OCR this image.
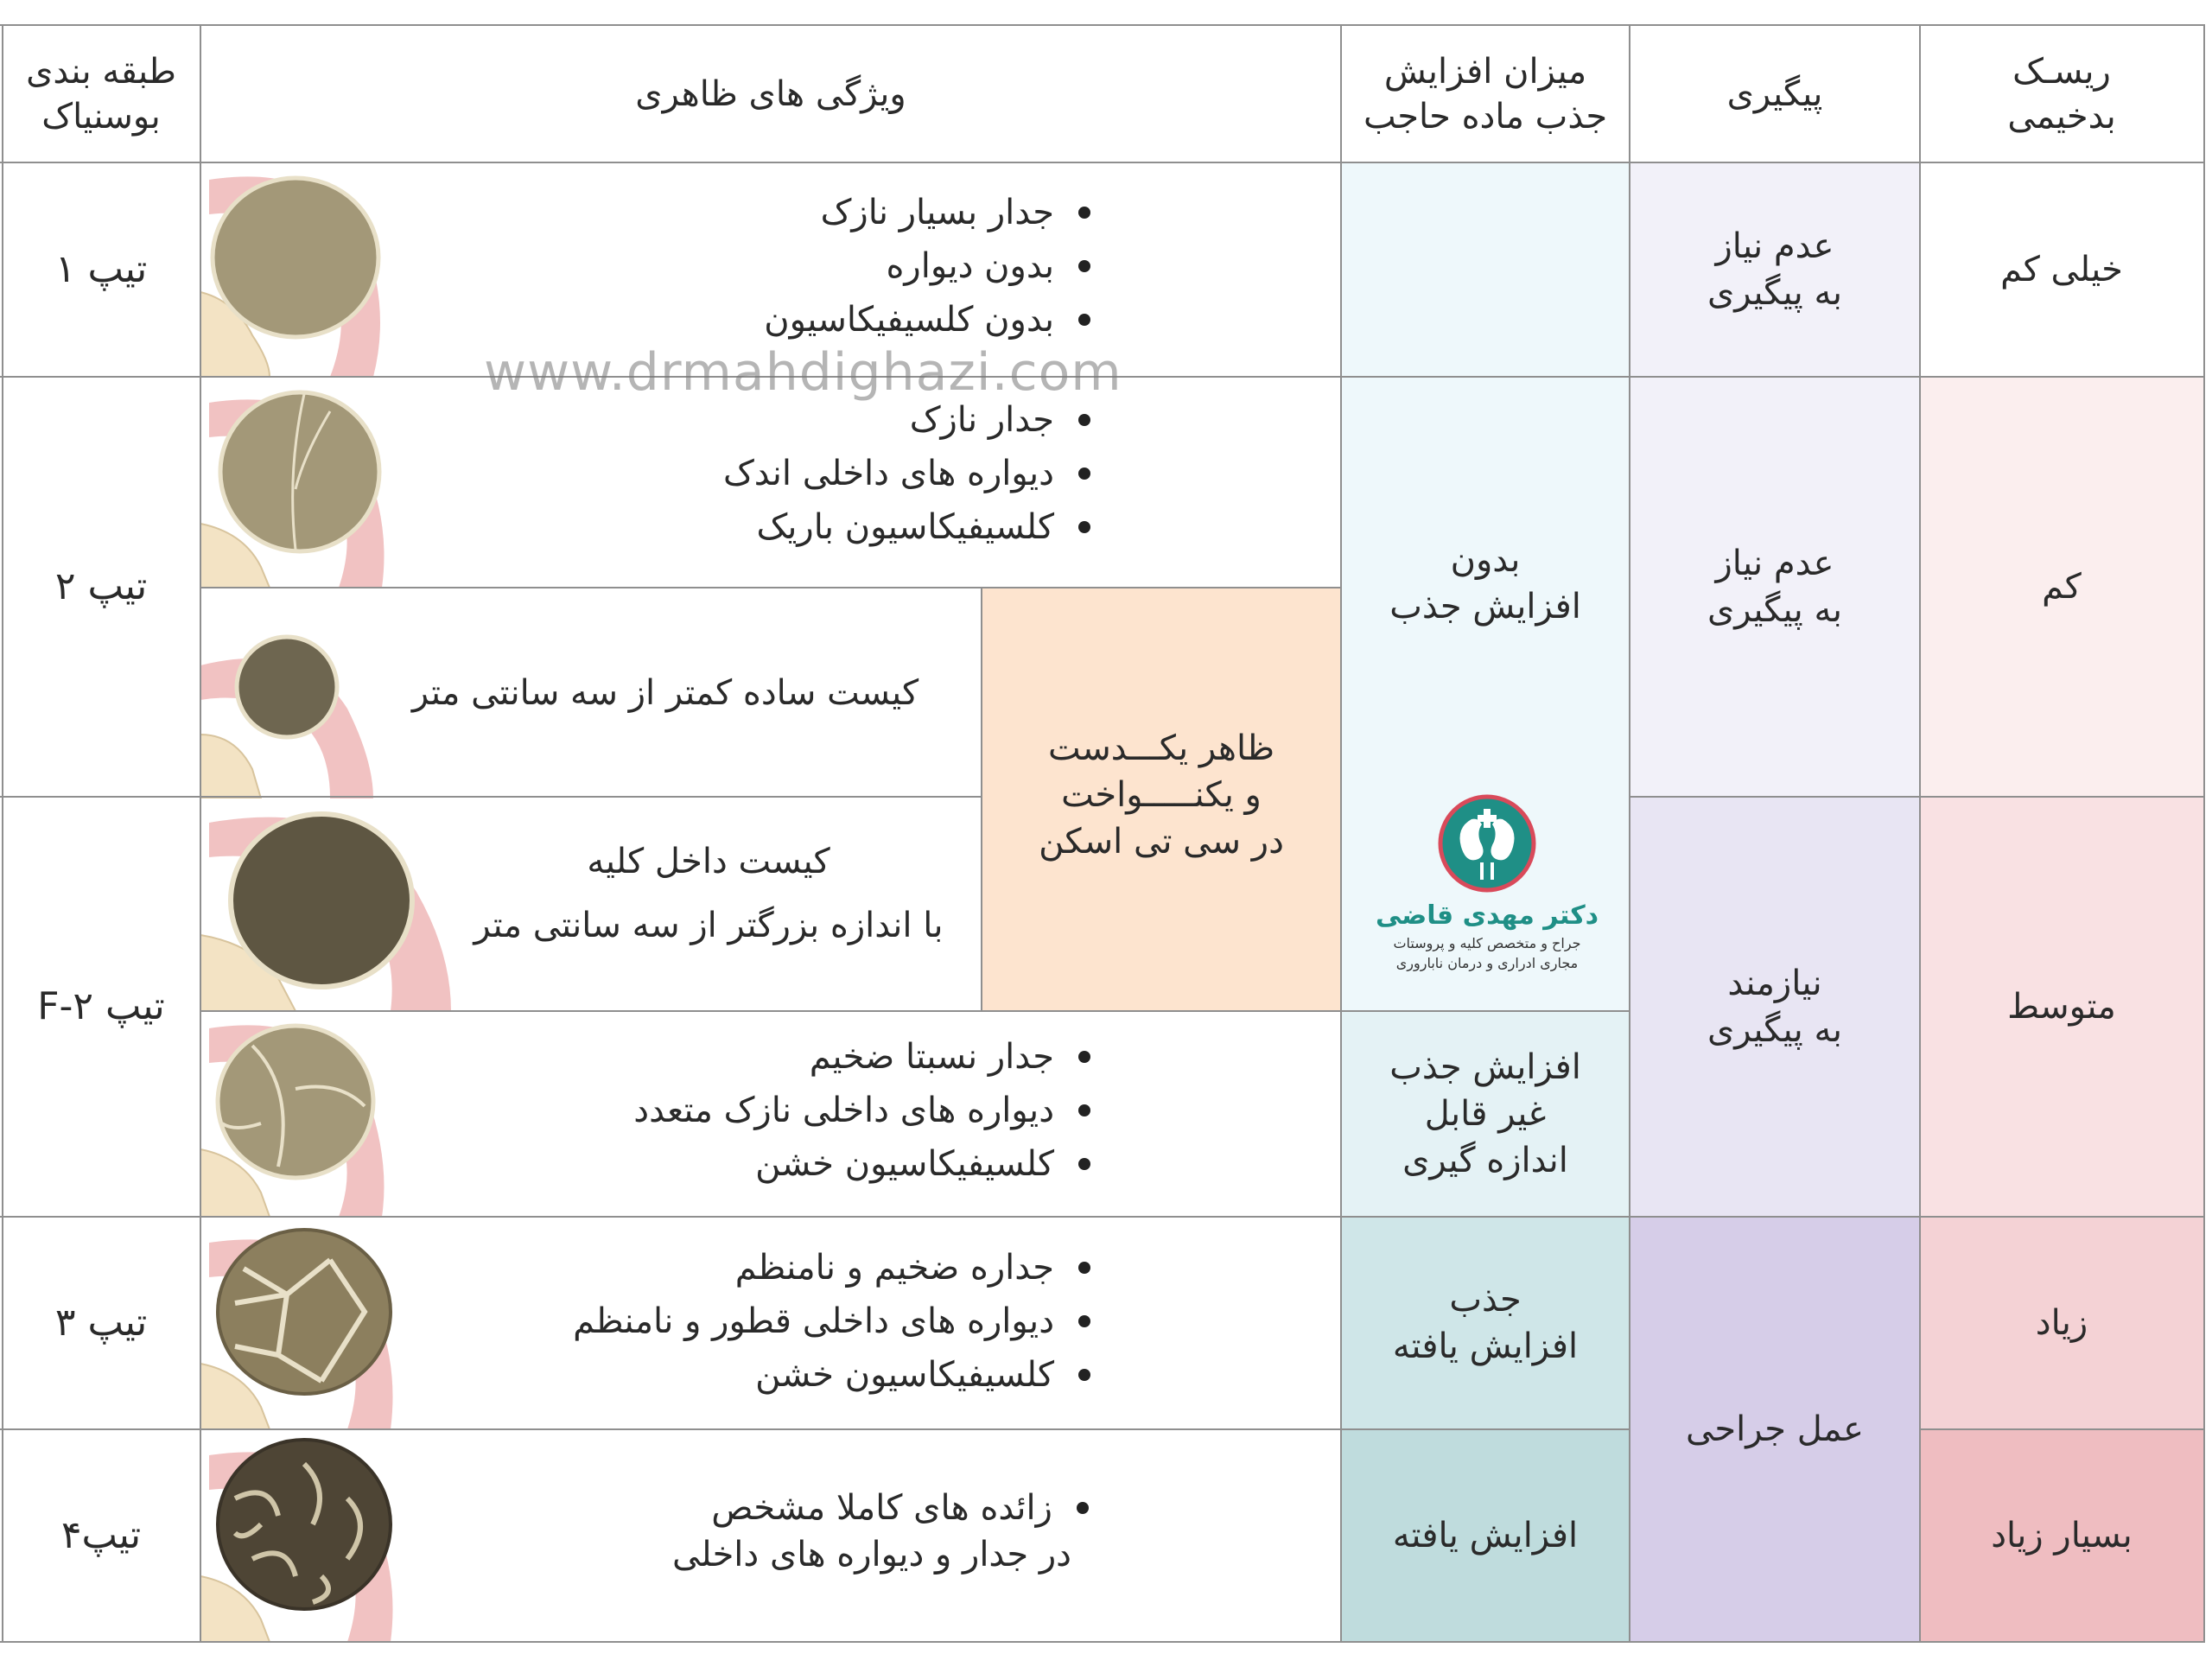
ریسـک
بدخیمی
پیگیری
میزان افزایش
جذب ماده حاجب
ویژگی های ظاهری
طبقه بندی
بوسنیاک
خیلی کم
کم
متوسط
زیاد
بسیار زیاد
عدم نیاز
به پیگیری
عدم نیاز
به پیگیری
نیازمند
به پیگیری
عمل جراحی
بدون
افزایش جذب
افزایش جذب
غیر قابل
اندازه گیری
جذب
افزایش یافته
افزایش یافته
تیپ ۱
تیپ ۲
تیپ ۲-F
تیپ ۳
تیپ۴
جدار بسیار نازک
بدون دیواره
بدون کلسیفیکاسیون
جدار نازک
دیواره های داخلی اندک
کلسیفیکاسیون باریک
کیست ساده کمتر از سه سانتی متر
کیست داخل کلیه
با اندازه بزرگتر از سه سانتی متر
ظاهر یکـــدست
و یکنـــــواخت
در سی تی اسکن
جدار نسبتا ضخیم
دیواره های داخلی نازک متعدد
کلسیفیکاسیون خشن
جداره ضخیم و نامنظم
دیواره های داخلی قطور و نامنظم
کلسیفیکاسیون خشن
زائده های کاملا مشخص
در جدار و دیواره های داخلی
دکتر مهدی قاضی
جراح و متخصص کلیه و پروستات
مجاری ادراری و درمان ناباروری
www.drmahdighazi.com
